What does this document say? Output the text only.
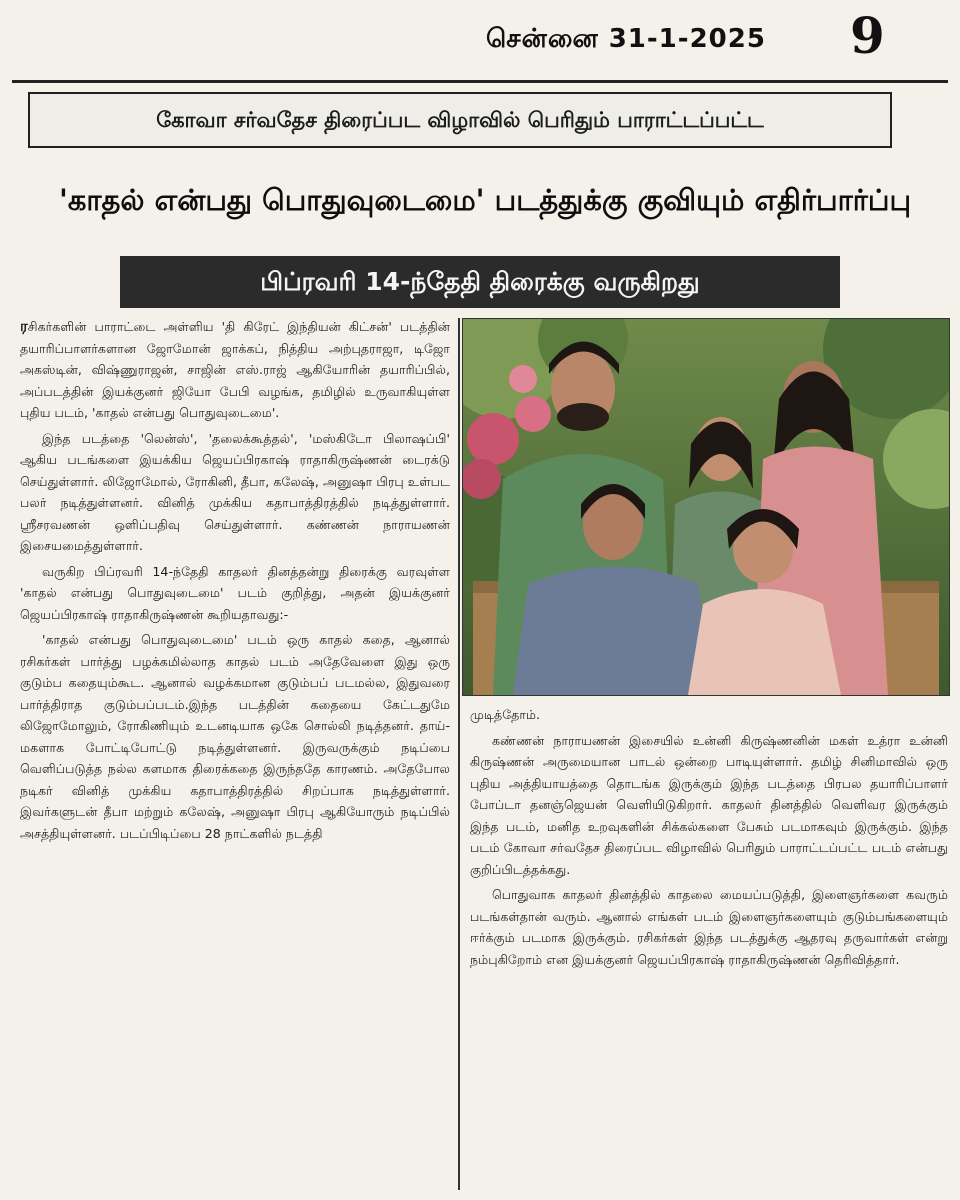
சென்னை 31-1-2025 9
கோவா சர்வதேச திரைப்பட விழாவில் பெரிதும் பாராட்டப்பட்ட
'காதல் என்பது பொதுவுடைமை' படத்துக்கு குவியும் எதிர்பார்ப்பு
பிப்ரவரி 14-ந்தேதி திரைக்கு வருகிறது

ரசிகர்களின் பாராட்டை அள்ளிய 'தி கிரேட் இந்தியன் கிட்சன்' படத்தின் தயாரிப்பாளர்களான ஜோமோன் ஜாக்கப், நித்திய அற்புதராஜா, டிஜோ அகஸ்டின், விஷ்ணுராஜன், சாஜின் எஸ்.ராஜ் ஆகியோரின் தயாரிப்பில், அப்படத்தின் இயக்குனர் ஜியோ பேபி வழங்க, தமிழில் உருவாகியுள்ள புதிய படம், 'காதல் என்பது பொதுவுடைமை'.

இந்த படத்தை 'லென்ஸ்', 'தலைக்கூத்தல்', 'மஸ்கிடோ பிலாஷப்பி' ஆகிய படங்களை இயக்கிய ஜெயப்பிரகாஷ் ராதாகிருஷ்ணன் டைரக்டு செய்துள்ளார். லிஜோமோல், ரோகினி, தீபா, கலேஷ், அனுஷா பிரபு உள்பட பலர் நடித்துள்ளனர். வினித் முக்கிய கதாபாத்திரத்தில் நடித்துள்ளார். ஸ்ரீசரவணன் ஒளிப்பதிவு செய்துள்ளார். கண்ணன் நாராயணன் இசையமைத்துள்ளார்.

வருகிற பிப்ரவரி 14-ந்தேதி காதலர் தினத்தன்று திரைக்கு வரவுள்ள 'காதல் என்பது பொதுவுடைமை' படம் குறித்து, அதன் இயக்குனர் ஜெயப்பிரகாஷ் ராதாகிருஷ்ணன் கூறியதாவது:-

'காதல் என்பது பொதுவுடைமை' படம் ஒரு காதல் கதை, ஆனால் ரசிகர்கள் பார்த்து பழக்கமில்லாத காதல் படம் அதேவேளை இது ஒரு குடும்ப கதையும்கூட. ஆனால் வழக்கமான குடும்பப் படமல்ல, இதுவரை பார்த்திராத குடும்பப்படம்.இந்த படத்தின் கதையை கேட்டதுமே லிஜோமோலும், ரோகிணியும் உடனடியாக ஒகே சொல்லி நடித்தனர். தாய்-மகளாக போட்டிபோட்டு நடித்துள்ளனர். இருவருக்கும் நடிப்பை வெளிப்படுத்த நல்ல களமாக திரைக்கதை இருந்ததே காரணம். அதேபோல நடிகர் வினித் முக்கிய கதாபாத்திரத்தில் சிறப்பாக நடித்துள்ளார். இவர்களுடன் தீபா மற்றும் கலேஷ், அனுஷா பிரபு ஆகியோரும் நடிப்பில் அசத்தியுள்ளனர். படப்பிடிப்பை 28 நாட்களில் நடத்தி

முடித்தோம்.

கண்ணன் நாராயணன் இசையில் உன்னி கிருஷ்ணனின் மகள் உத்ரா உன்னி கிருஷ்ணன் அருமையான பாடல் ஒன்றை பாடியுள்ளார். தமிழ் சினிமாவில் ஒரு புதிய அத்தியாயத்தை தொடங்க இருக்கும் இந்த படத்தை பிரபல தயாரிப்பாளர் போப்டா தனஞ்ஜெயன் வெளியிடுகிறார். காதலர் தினத்தில் வெளிவர இருக்கும் இந்த படம், மனித உறவுகளின் சிக்கல்களை பேசும் படமாகவும் இருக்கும். இந்த படம் கோவா சர்வதேச திரைப்பட விழாவில் பெரிதும் பாராட்டப்பட்ட படம் என்பது குறிப்பிடத்தக்கது.

பொதுவாக காதலர் தினத்தில் காதலை மையப்படுத்தி, இளைஞர்களை கவரும் படங்கள்தான் வரும். ஆனால் எங்கள் படம் இளைஞர்களையும் குடும்பங்களையும் ஈர்க்கும் படமாக இருக்கும். ரசிகர்கள் இந்த படத்துக்கு ஆதரவு தருவார்கள் என்று நம்புகிறோம் என இயக்குனர் ஜெயப்பிரகாஷ் ராதாகிருஷ்ணன் தெரிவித்தார்.
